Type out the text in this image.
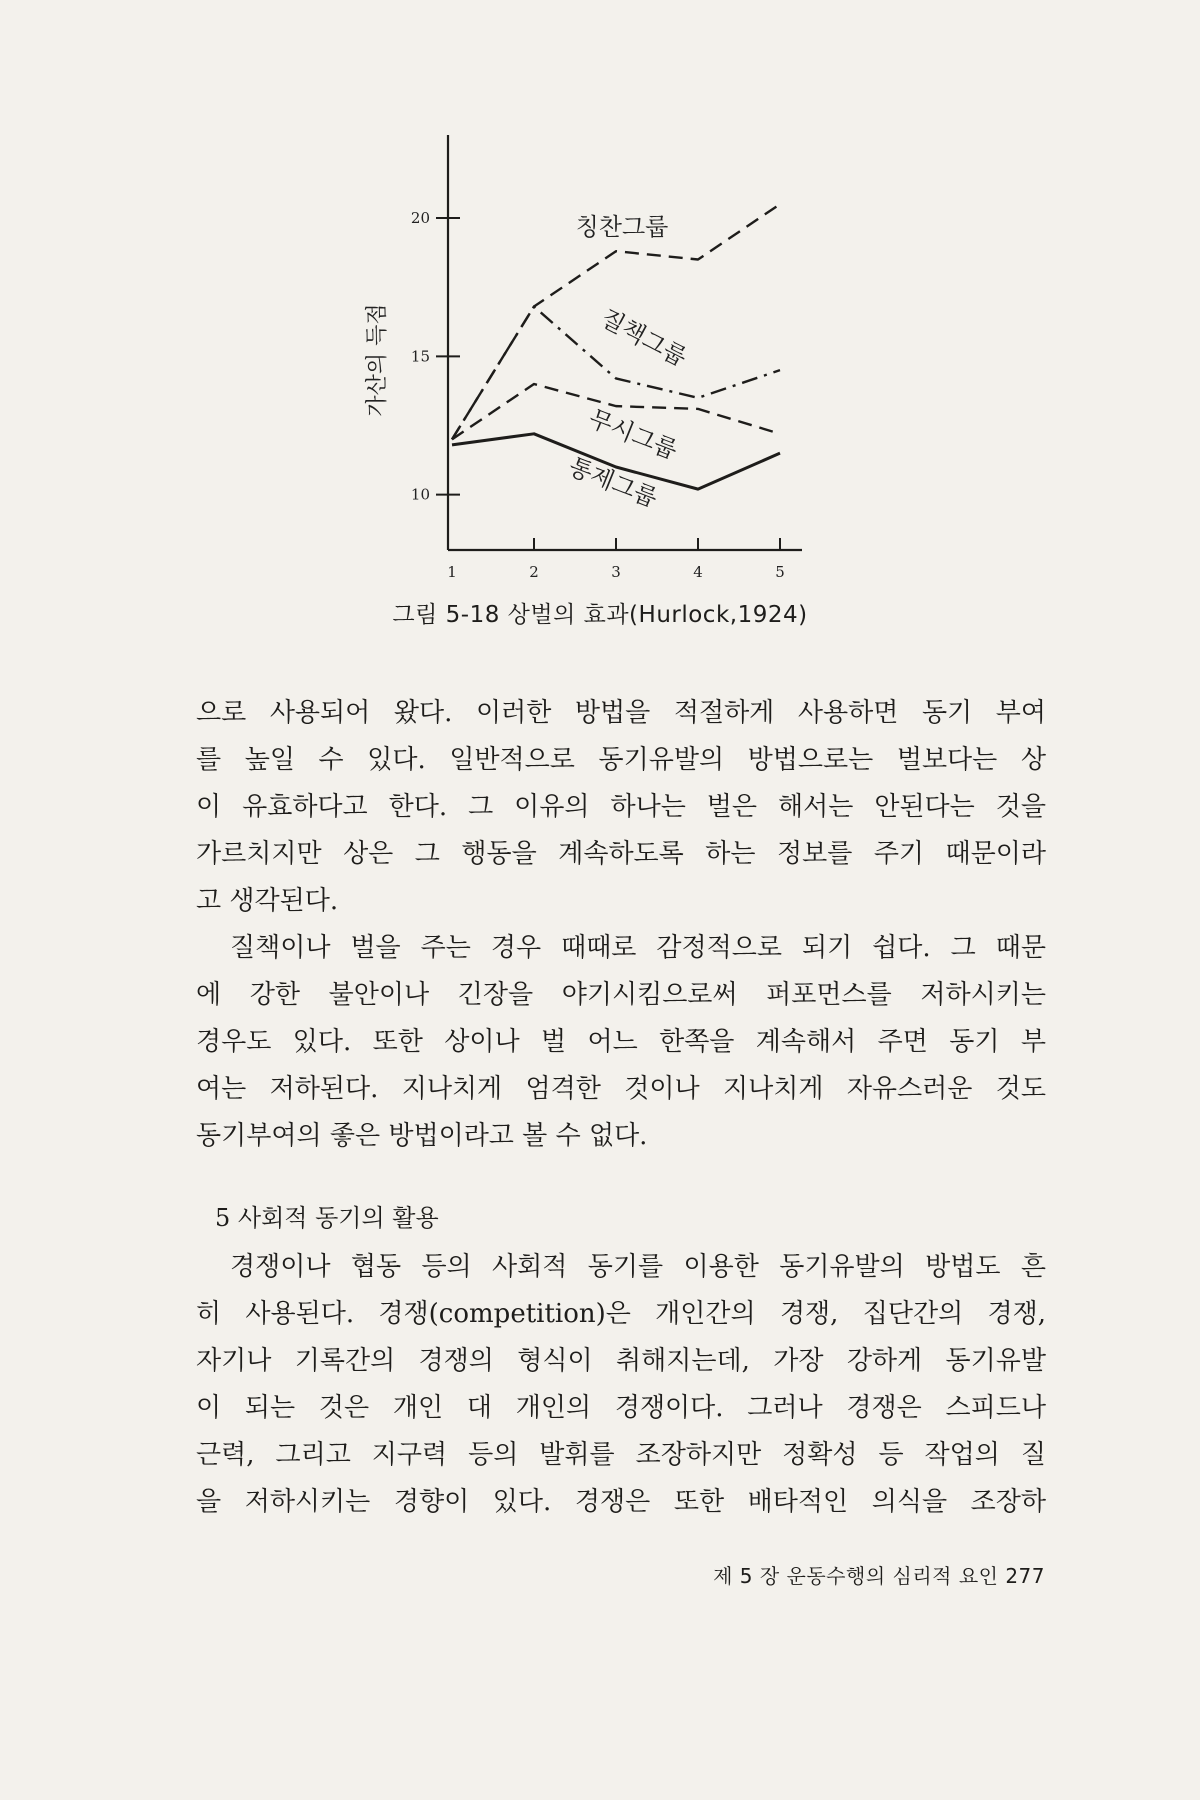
10
15
20
1	2	3	4	5
가산의 득점
칭찬그룹
질책그룹
무시그룹
통제그룹
그림 5-18 상벌의 효과(Hurlock,1924)
으로 사용되어 왔다. 이러한 방법을 적절하게 사용하면 동기 부여
를 높일 수 있다. 일반적으로 동기유발의 방법으로는 벌보다는 상
이 유효하다고 한다. 그 이유의 하나는 벌은 해서는 안된다는 것을
가르치지만 상은 그 행동을 계속하도록 하는 정보를 주기 때문이라
고 생각된다.
질책이나 벌을 주는 경우 때때로 감정적으로 되기 쉽다. 그 때문
에 강한 불안이나 긴장을 야기시킴으로써 퍼포먼스를 저하시키는
경우도 있다. 또한 상이나 벌 어느 한쪽을 계속해서 주면 동기 부
여는 저하된다. 지나치게 엄격한 것이나 지나치게 자유스러운 것도
동기부여의 좋은 방법이라고 볼 수 없다.
5 사회적 동기의 활용
경쟁이나 협동 등의 사회적 동기를 이용한 동기유발의 방법도 흔
히 사용된다. 경쟁(competition)은 개인간의 경쟁, 집단간의 경쟁,
자기나 기록간의 경쟁의 형식이 취해지는데, 가장 강하게 동기유발
이 되는 것은 개인 대 개인의 경쟁이다. 그러나 경쟁은 스피드나
근력, 그리고 지구력 등의 발휘를 조장하지만 정확성 등 작업의 질
을 저하시키는 경향이 있다. 경쟁은 또한 배타적인 의식을 조장하
제 5 장 운동수행의 심리적 요인 277
